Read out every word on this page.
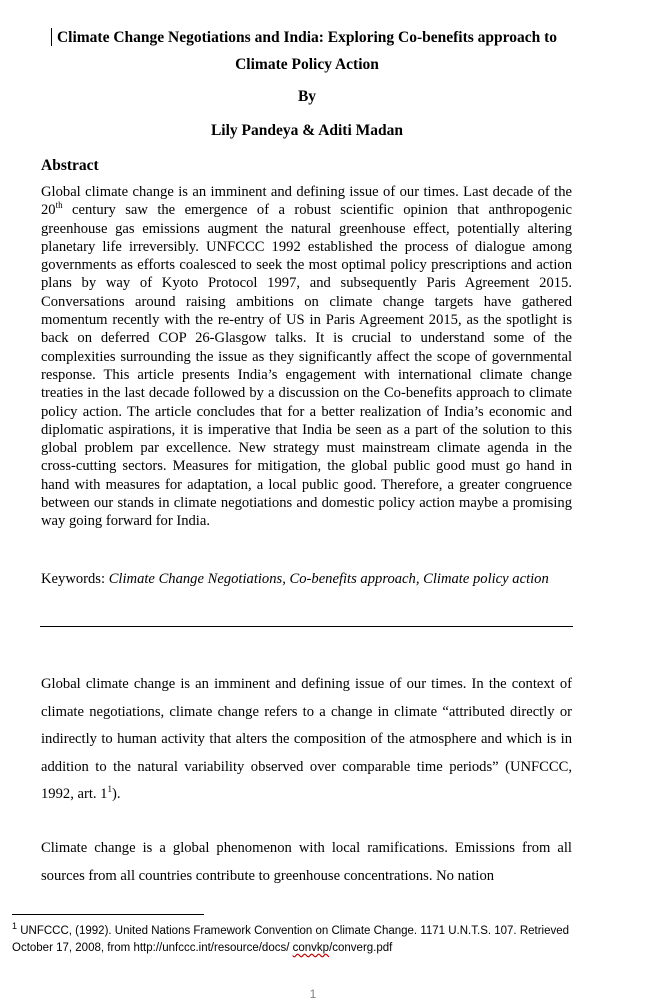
Climate Change Negotiations and India: Exploring Co-benefits approach to
Climate Policy Action
By
Lily Pandeya & Aditi Madan
Abstract

Global climate change is an imminent and defining issue of our times. Last decade of the 20th century saw the emergence of a robust scientific opinion that anthropogenic greenhouse gas emissions augment the natural greenhouse effect, potentially altering planetary life irreversibly. UNFCCC 1992 established the process of dialogue among governments as efforts coalesced to seek the most optimal policy prescriptions and action plans by way of Kyoto Protocol 1997, and subsequently Paris Agreement 2015. Conversations around raising ambitions on climate change targets have gathered momentum recently with the re-entry of US in Paris Agreement 2015, as the spotlight is back on deferred COP 26-Glasgow talks. It is crucial to understand some of the complexities surrounding the issue as they significantly affect the scope of governmental response. This article presents India’s engagement with international climate change treaties in the last decade followed by a discussion on the Co-benefits approach to climate policy action. The article concludes that for a better realization of India’s economic and diplomatic aspirations, it is imperative that India be seen as a part of the solution to this global problem par excellence. New strategy must mainstream climate agenda in the cross-cutting sectors. Measures for mitigation, the global public good must go hand in hand with measures for adaptation, a local public good. Therefore, a greater congruence between our stands in climate negotiations and domestic policy action maybe a promising way going forward for India.

Keywords: Climate Change Negotiations, Co-benefits approach, Climate policy action

Global climate change is an imminent and defining issue of our times. In the context of climate negotiations, climate change refers to a change in climate “attributed directly or indirectly to human activity that alters the composition of the atmosphere and which is in addition to the natural variability observed over comparable time periods” (UNFCCC, 1992, art. $1^1$).

Climate change is a global phenomenon with local ramifications. Emissions from all sources from all countries contribute to greenhouse concentrations. No nation

$^1$ UNFCCC, (1992). United Nations Framework Convention on Climate Change. 1171 U.N.T.S. 107. Retrieved October 17, 2008, from http://unfccc.int/resource/docs/ convkp/converg.pdf

1
